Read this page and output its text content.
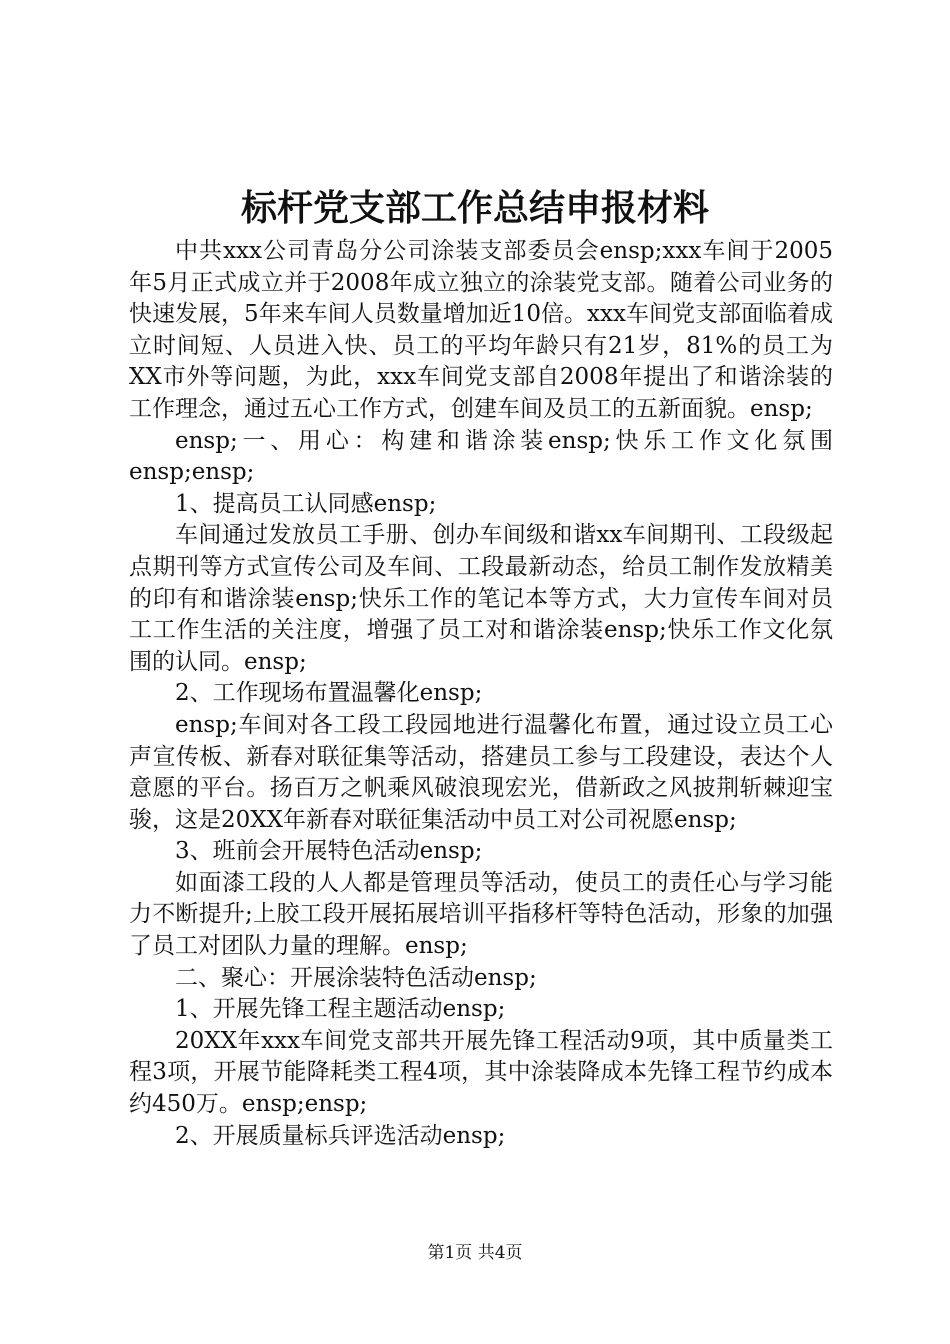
标杆党支部工作总结申报材料

中共xxx公司青岛分公司涂装支部委员会ensp;xxx车间于2005年5月正式成立并于2008年成立独立的涂装党支部。随着公司业务的快速发展，5年来车间人员数量增加近10倍。xxx车间党支部面临着成立时间短、人员进入快、员工的平均年龄只有21岁，81%的员工为XX市外等问题，为此，xxx车间党支部自2008年提出了和谐涂装的工作理念，通过五心工作方式，创建车间及员工的五新面貌。ensp;

ensp;一、用心：构建和谐涂装ensp;快乐工作文化氛围ensp;ensp;

1、提高员工认同感ensp;

车间通过发放员工手册、创办车间级和谐xx车间期刊、工段级起点期刊等方式宣传公司及车间、工段最新动态，给员工制作发放精美的印有和谐涂装ensp;快乐工作的笔记本等方式，大力宣传车间对员工工作生活的关注度，增强了员工对和谐涂装ensp;快乐工作文化氛围的认同。ensp;

2、工作现场布置温馨化ensp;

ensp;车间对各工段工段园地进行温馨化布置，通过设立员工心声宣传板、新春对联征集等活动，搭建员工参与工段建设，表达个人意愿的平台。扬百万之帆乘风破浪现宏光，借新政之风披荆斩棘迎宝骏，这是20XX年新春对联征集活动中员工对公司祝愿ensp;

3、班前会开展特色活动ensp;

如面漆工段的人人都是管理员等活动，使员工的责任心与学习能力不断提升;上胶工段开展拓展培训平指移杆等特色活动，形象的加强了员工对团队力量的理解。ensp;

二、聚心：开展涂装特色活动ensp;

1、开展先锋工程主题活动ensp;

20XX年xxx车间党支部共开展先锋工程活动9项，其中质量类工程3项，开展节能降耗类工程4项，其中涂装降成本先锋工程节约成本约450万。ensp;ensp;

2、开展质量标兵评选活动ensp;

第1页 共4页
